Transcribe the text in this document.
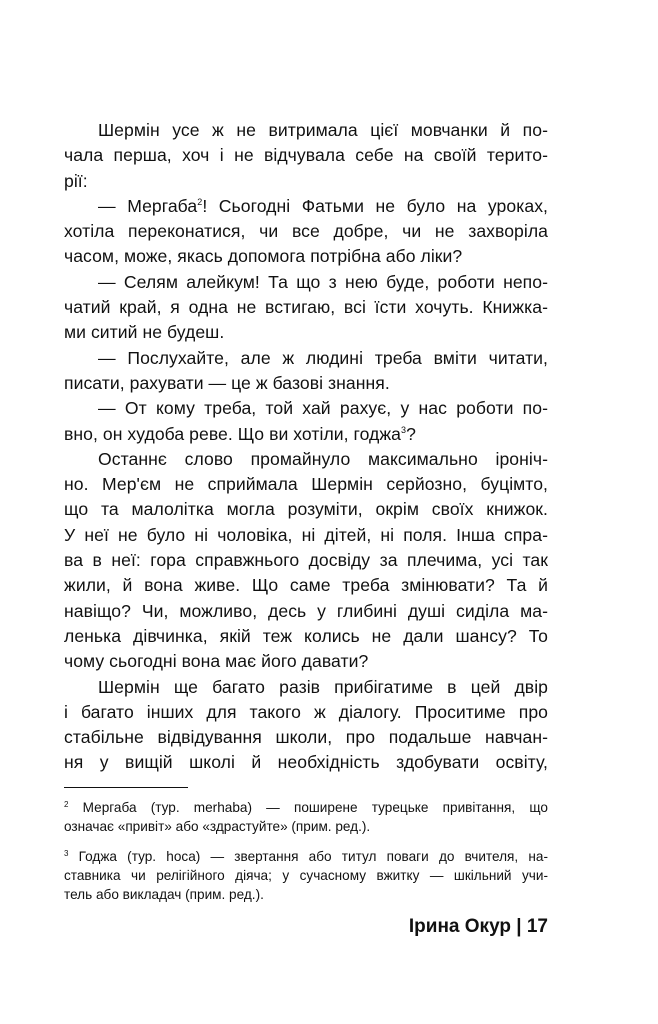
Шермін усе ж не витримала цієї мовчанки й по-
чала перша, хоч і не відчувала себе на своїй терито-
рії:
— Мергаба$^2$! Сьогодні Фатьми не було на уроках,
хотіла переконатися, чи все добре, чи не захворіла
часом, може, якась допомога потрібна або ліки?
— Селям алейкум! Та що з нею буде, роботи непо-
чатий край, я одна не встигаю, всі їсти хочуть. Книжка-
ми ситий не будеш.
— Послухайте, але ж людині треба вміти читати,
писати, рахувати — це ж базові знання.
— От кому треба, той хай рахує, у нас роботи по-
вно, он худоба реве. Що ви хотіли, годжа$^3$?
Останнє слово промайнуло максимально іроніч-
но. Мер'єм не сприймала Шермін серйозно, буцімто,
що та малолітка могла розуміти, окрім своїх книжок.
У неї не було ні чоловіка, ні дітей, ні поля. Інша спра-
ва в неї: гора справжнього досвіду за плечима, усі так
жили, й вона живе. Що саме треба змінювати? Та й
навіщо? Чи, можливо, десь у глибині душі сиділа ма-
ленька дівчинка, якій теж колись не дали шансу? То
чому сьогодні вона має його давати?
Шермін ще багато разів прибігатиме в цей двір
і багато інших для такого ж діалогу. Проситиме про
стабільне відвідування школи, про подальше навчан-
ня у вищій школі й необхідність здобувати освіту,
$^2$ Мергаба (тур. merhaba) — поширене турецьке привітання, що
означає «привіт» або «здрастуйте» (прим. ред.).
$^3$ Годжа (тур. hoca) — звертання або титул поваги до вчителя, на-
ставника чи релігійного діяча; у сучасному вжитку — шкільний учи-
тель або викладач (прим. ред.).
Ірина Окур | 17
